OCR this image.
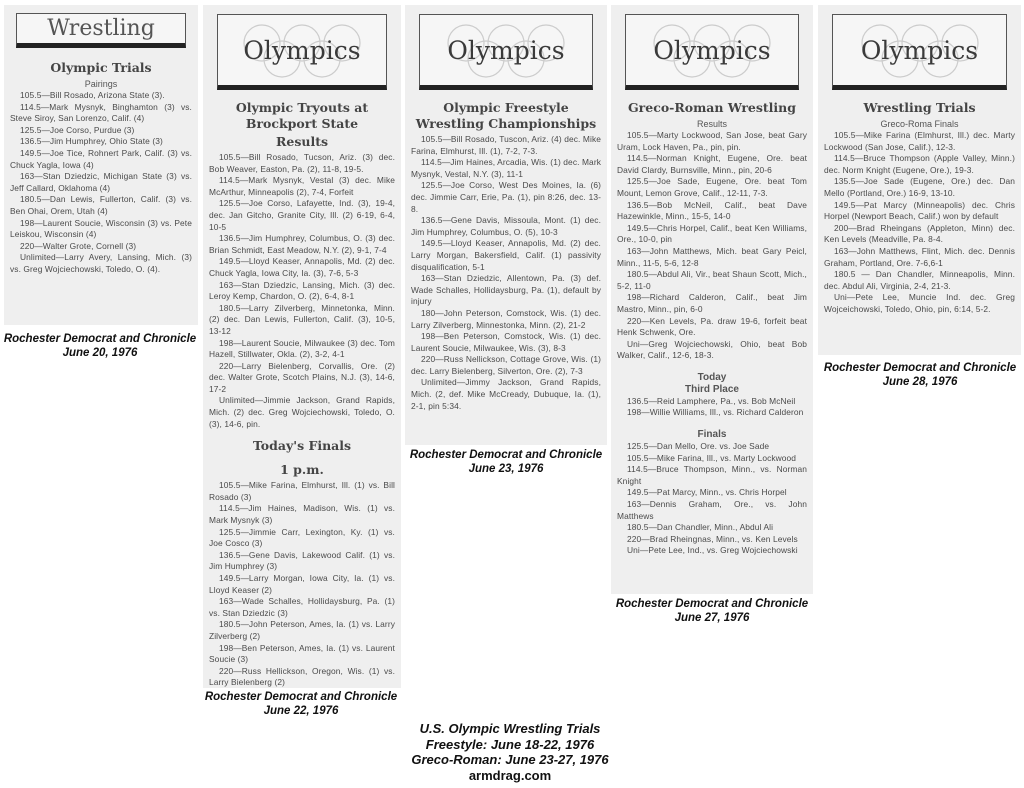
Wrestling
Olympic Trials
Pairings
105.5—Bill Rosado, Arizona State (3).
114.5—Mark Mysnyk, Binghamton (3) vs. Steve Siroy, San Lorenzo, Calif. (4)
125.5—Joe Corso, Purdue (3)
136.5—Jim Humphrey, Ohio State (3)
149.5—Joe Tice, Rohnert Park, Calif. (3) vs. Chuck Yagla, Iowa (4)
163—Stan Dziedzic, Michigan State (3) vs. Jeff Callard, Oklahoma (4)
180.5—Dan Lewis, Fullerton, Calif. (3) vs. Ben Ohai, Orem, Utah (4)
198—Laurent Soucie, Wisconsin (3) vs. Pete Leiskou, Wisconsin (4)
220—Walter Grote, Cornell (3)
Unlimited—Larry Avery, Lansing, Mich. (3) vs. Greg Wojciechowski, Toledo, O. (4).
Olympics
Olympic Tryouts at Brockport State
Results
105.5—Bill Rosado, Tucson, Ariz. (3) dec. Bob Weaver, Easton, Pa. (2), 11-8, 19-5.
114.5—Mark Mysnyk, Vestal (3) dec. Mike McArthur, Minneapolis (2), 7-4, Forfeit
125.5—Joe Corso, Lafayette, Ind. (3), 19-4, dec. Jan Gitcho, Granite City, Ill. (2) 6-19, 6-4, 10-5
136.5—Jim Humphrey, Columbus, O. (3) dec. Brian Schmidt, East Meadow, N.Y. (2), 9-1, 7-4
149.5—Lloyd Keaser, Annapolis, Md. (2) dec. Chuck Yagla, Iowa City, Ia. (3), 7-6, 5-3
163—Stan Dziedzic, Lansing, Mich. (3) dec. Leroy Kemp, Chardon, O. (2), 6-4, 8-1
180.5—Larry Zilverberg, Minnetonka, Minn. (2) dec. Dan Lewis, Fullerton, Calif. (3), 10-5, 13-12
198—Laurent Soucie, Milwaukee (3) dec. Tom Hazell, Stillwater, Okla. (2), 3-2, 4-1
220—Larry Bielenberg, Corvallis, Ore. (2) dec. Walter Grote, Scotch Plains, N.J. (3), 14-6, 17-2
Unlimited—Jimmie Jackson, Grand Rapids, Mich. (2) dec. Greg Wojciechowski, Toledo, O. (3), 14-6, pin.
Today's Finals
1 p.m.
105.5—Mike Farina, Elmhurst, Ill. (1) vs. Bill Rosado (3)
114.5—Jim Haines, Madison, Wis. (1) vs. Mark Mysnyk (3)
125.5—Jimmie Carr, Lexington, Ky. (1) vs. Joe Cosco (3)
136.5—Gene Davis, Lakewood Calif. (1) vs. Jim Humphrey (3)
149.5—Larry Morgan, Iowa City, Ia. (1) vs. Lloyd Keaser (2)
163—Wade Schalles, Hollidaysburg, Pa. (1) vs. Stan Dziedzic (3)
180.5—John Peterson, Ames, Ia. (1) vs. Larry Zilverberg (2)
198—Ben Peterson, Ames, Ia. (1) vs. Laurent Soucie (3)
220—Russ Hellickson, Oregon, Wis. (1) vs. Larry Bielenberg (2)
Olympics
Olympic Freestyle Wrestling Championships
105.5—Bill Rosado, Tuscon, Ariz. (4) dec. Mike Farina, Elmhurst, Ill. (1), 7-2, 7-3.
114.5—Jim Haines, Arcadia, Wis. (1) dec. Mark Mysnyk, Vestal, N.Y. (3), 11-1
125.5—Joe Corso, West Des Moines, Ia. (6) dec. Jimmie Carr, Erie, Pa. (1), pin 8:26, dec. 13-8.
136.5—Gene Davis, Missoula, Mont. (1) dec. Jim Humphrey, Columbus, O. (5), 10-3
149.5—Lloyd Keaser, Annapolis, Md. (2) dec. Larry Morgan, Bakersfield, Calif. (1) passivity disqualification, 5-1
163—Stan Dziedzic, Allentown, Pa. (3) def. Wade Schalles, Hollidaysburg, Pa. (1), default by injury
180—John Peterson, Comstock, Wis. (1) dec. Larry Zilverberg, Minnestonka, Minn. (2), 21-2
198—Ben Peterson, Comstock, Wis. (1) dec. Laurent Soucie, Milwaukee, Wis. (3), 8-3
220—Russ Nellickson, Cottage Grove, Wis. (1) dec. Larry Bielenberg, Silverton, Ore. (2), 7-3
Unlimited—Jimmy Jackson, Grand Rapids, Mich. (2, def. Mike McCready, Dubuque, Ia. (1), 2-1, pin 5:34.
Olympics
Greco-Roman Wrestling
Results
105.5—Marty Lockwood, San Jose, beat Gary Uram, Lock Haven, Pa., pin, pin.
114.5—Norman Knight, Eugene, Ore. beat David Clardy, Burnsville, Minn., pin, 20-6
125.5—Joe Sade, Eugene, Ore. beat Tom Mount, Lemon Grove, Calif., 12-11, 7-3.
136.5—Bob McNeil, Calif., beat Dave Hazewinkle, Minn., 15-5, 14-0
149.5—Chris Horpel, Calif., beat Ken Williams, Ore., 10-0, pin
163—John Matthews, Mich. beat Gary Peicl, Minn., 11-5, 5-6, 12-8
180.5—Abdul Ali, Vir., beat Shaun Scott, Mich., 5-2, 11-0
198—Richard Calderon, Calif., beat Jim Mastro, Minn., pin, 6-0
220—Ken Levels, Pa. draw 19-6, forfeit beat Henk Schwenk, Ore.
Uni—Greg Wojciechowski, Ohio, beat Bob Walker, Calif., 12-6, 18-3.
Today
Third Place
136.5—Reid Lamphere, Pa., vs. Bob McNeil
198—Willie Williams, Ill., vs. Richard Calderon
Finals
125.5—Dan Mello, Ore. vs. Joe Sade
105.5—Mike Farina, Ill., vs. Marty Lockwood
114.5—Bruce Thompson, Minn., vs. Norman Knight
149.5—Pat Marcy, Minn., vs. Chris Horpel
163—Dennis Graham, Ore., vs. John Matthews
180.5—Dan Chandler, Minn., Abdul Ali
220—Brad Rheingnas, Minn., vs. Ken Levels
Uni—Pete Lee, Ind., vs. Greg Wojciechowski
Olympics
Wrestling Trials
Greco-Roma Finals
105.5—Mike Farina (Elmhurst, Ill.) dec. Marty Lockwood (San Jose, Calif.), 12-3.
114.5—Bruce Thompson (Apple Valley, Minn.) dec. Norm Knight (Eugene, Ore.), 19-3.
135.5—Joe Sade (Eugene, Ore.) dec. Dan Mello (Portland, Ore.) 16-9, 13-10.
149.5—Pat Marcy (Minneapolis) dec. Chris Horpel (Newport Beach, Calif.) won by default
200—Brad Rheingans (Appleton, Minn) dec. Ken Levels (Meadville, Pa. 8-4.
163—John Matthews, Flint, Mich. dec. Dennis Graham, Portland, Ore. 7-6,6-1
180.5 — Dan Chandler, Minneapolis, Minn. dec. Abdul Ali, Virginia, 2-4, 21-3.
Uni—Pete Lee, Muncie Ind. dec. Greg Wojceichowski, Toledo, Ohio, pin, 6:14, 5-2.
Rochester Democrat and Chronicle
June 20, 1976
Rochester Democrat and Chronicle
June 22, 1976
Rochester Democrat and Chronicle
June 23, 1976
Rochester Democrat and Chronicle
June 27, 1976
Rochester Democrat and Chronicle
June 28, 1976
U.S. Olympic Wrestling Trials
Freestyle: June 18-22, 1976
Greco-Roman: June 23-27, 1976
armdrag.com
